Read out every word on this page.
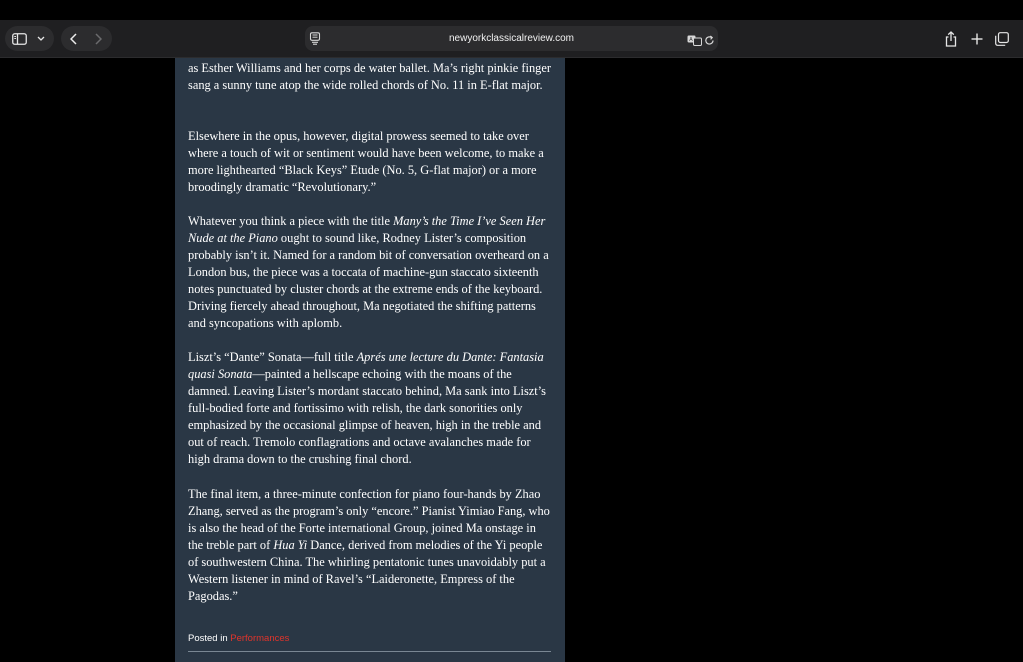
newyorkclassicalreview.com	A

as Esther Williams and her corps de water ballet. Ma’s right pinkie finger sang a sunny tune atop the wide rolled chords of No. 11 in E-flat major.

Elsewhere in the opus, however, digital prowess seemed to take over where a touch of wit or sentiment would have been welcome, to make a more lighthearted “Black Keys” Etude (No. 5, G-flat major) or a more broodingly dramatic “Revolutionary.”

Whatever you think a piece with the title Many’s the Time I’ve Seen Her Nude at the Piano ought to sound like, Rodney Lister’s composition probably isn’t it. Named for a random bit of conversation overheard on a London bus, the piece was a toccata of machine-gun staccato sixteenth notes punctuated by cluster chords at the extreme ends of the keyboard. Driving fiercely ahead throughout, Ma negotiated the shifting patterns and syncopations with aplomb.

Liszt’s “Dante” Sonata—full title Aprés une lecture du Dante: Fantasia quasi Sonata—painted a hellscape echoing with the moans of the damned. Leaving Lister’s mordant staccato behind, Ma sank into Liszt’s full-bodied forte and fortissimo with relish, the dark sonorities only emphasized by the occasional glimpse of heaven, high in the treble and out of reach. Tremolo conflagrations and octave avalanches made for high drama down to the crushing final chord.

The final item, a three-minute confection for piano four-hands by Zhao Zhang, served as the program’s only “encore.” Pianist Yimiao Fang, who is also the head of the Forte international Group, joined Ma onstage in the treble part of Hua Yi Dance, derived from melodies of the Yi people of southwestern China. The whirling pentatonic tunes unavoidably put a Western listener in mind of Ravel’s “Laideronette, Empress of the Pagodas.”

Posted in Performances
